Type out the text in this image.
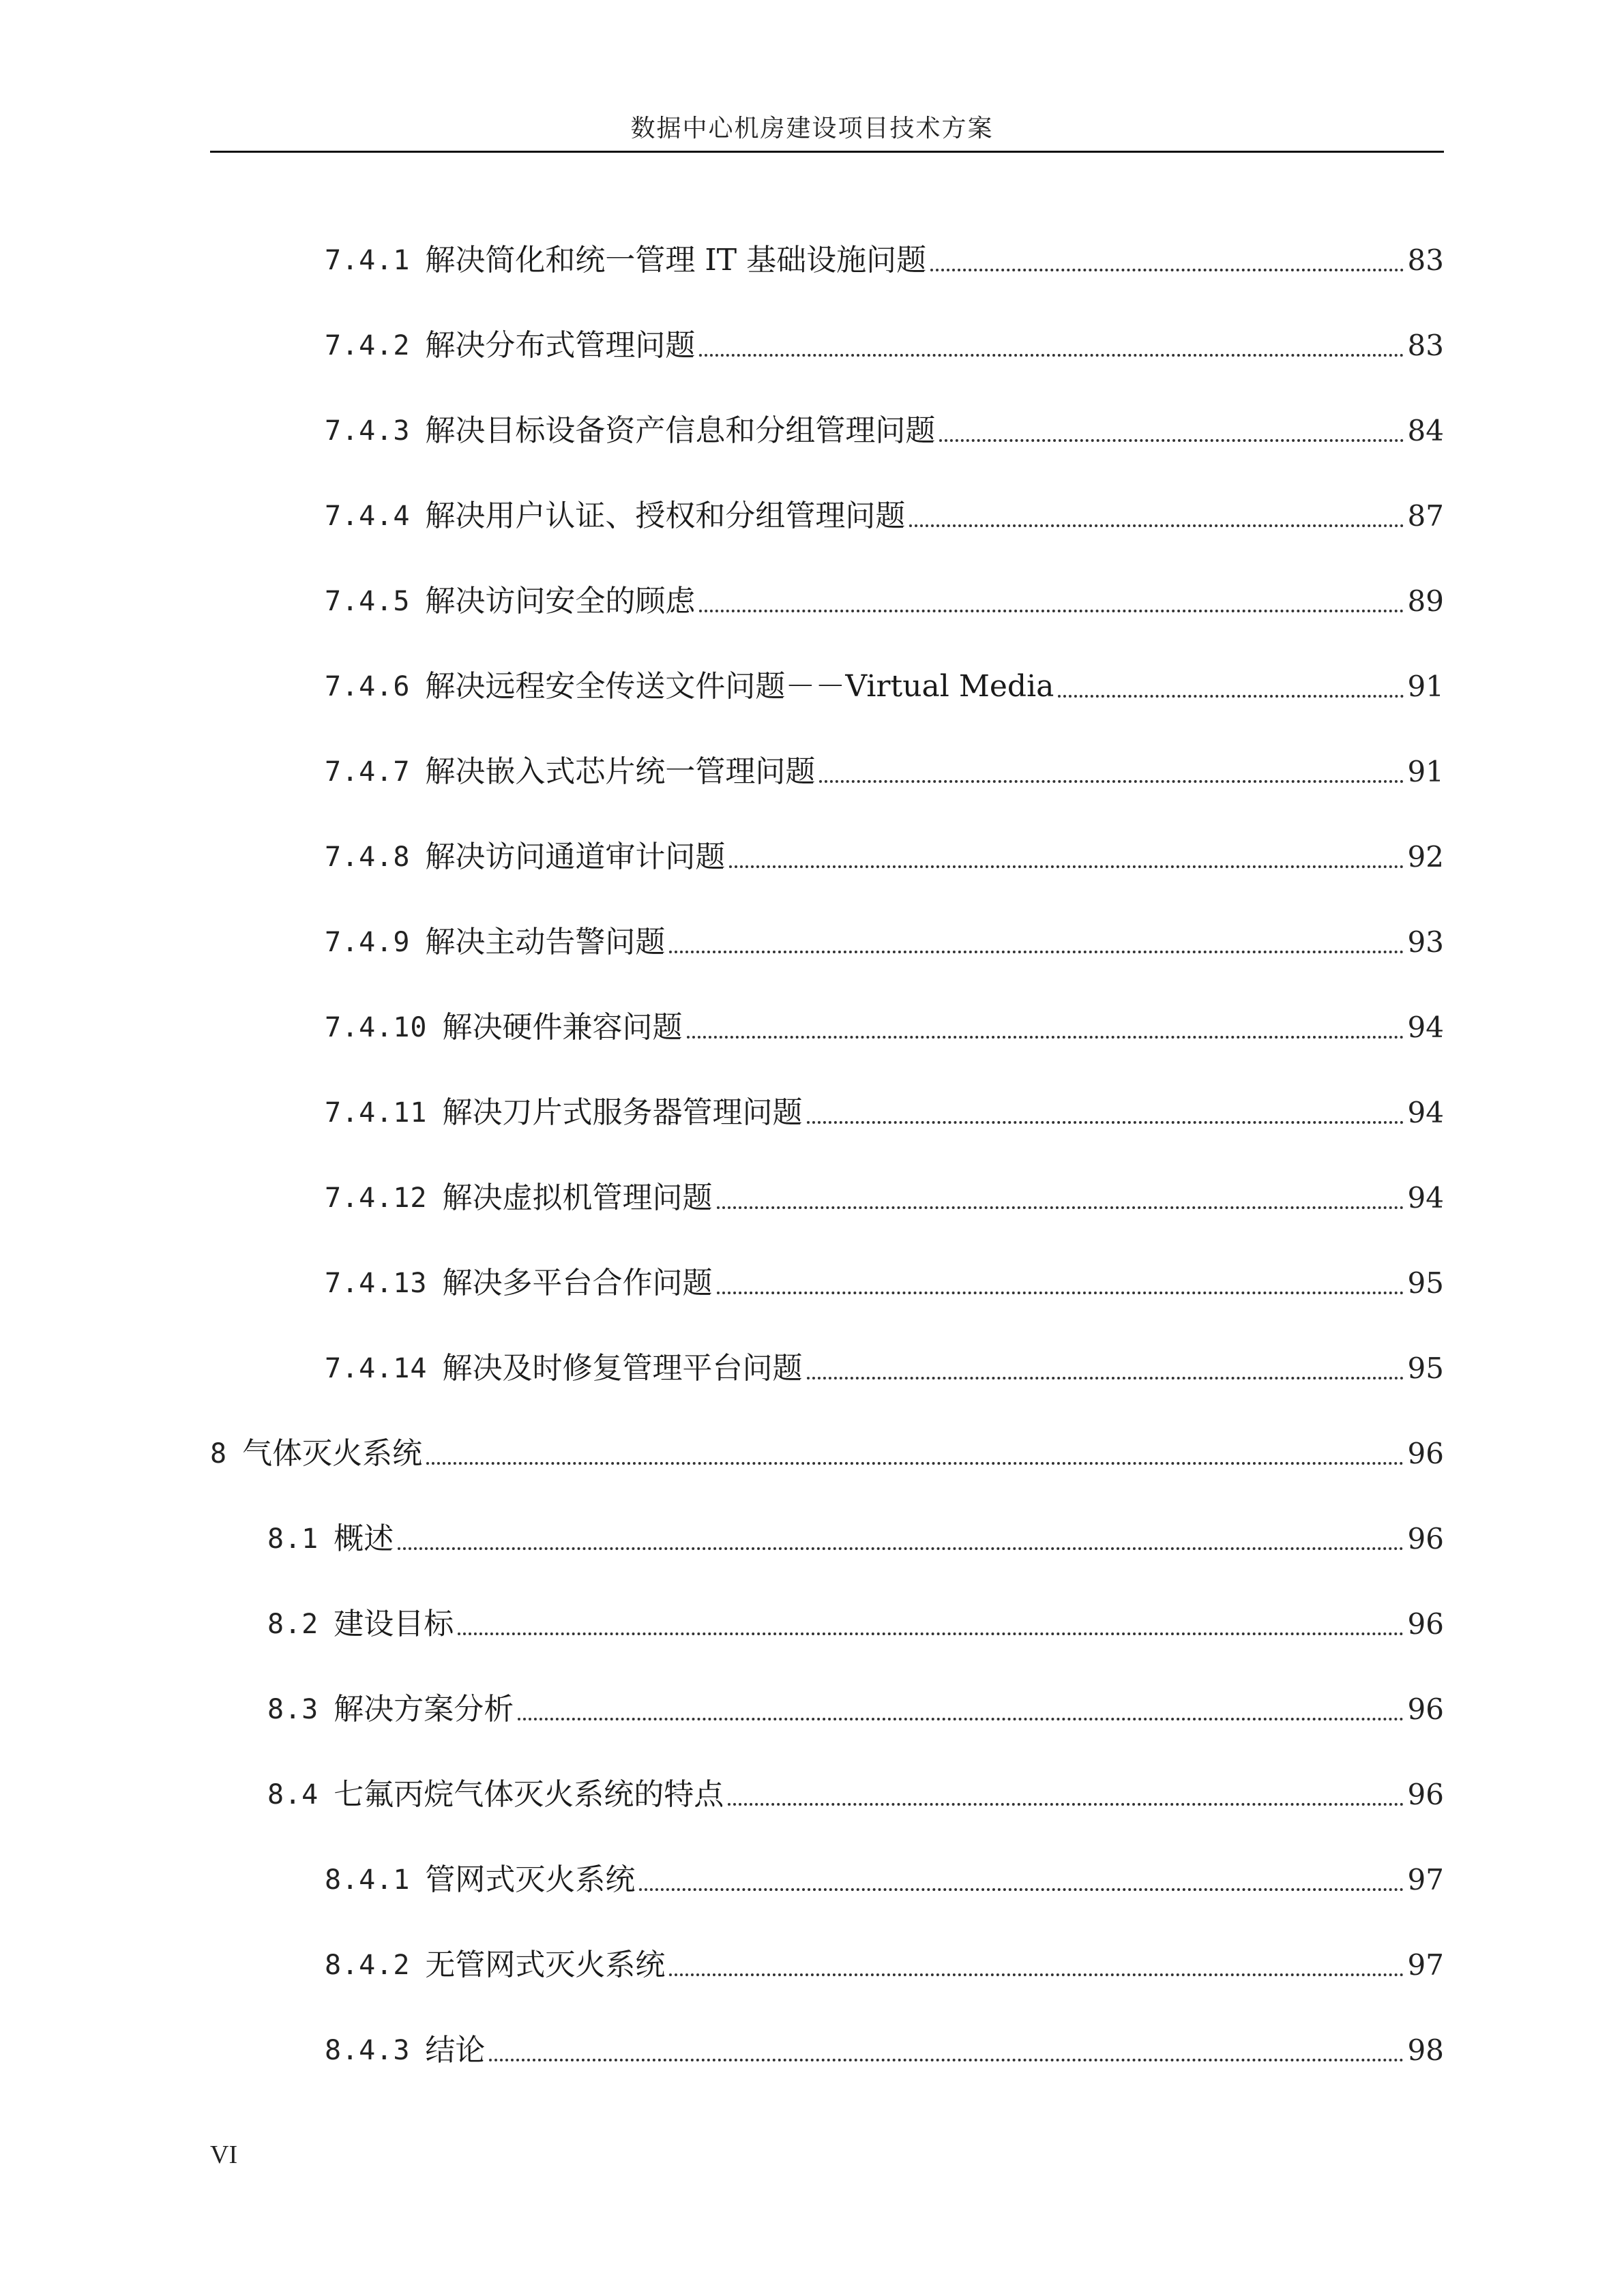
数据中心机房建设项目技术方案
7.4.1 解决简化和统一管理 IT 基础设施问题	83
7.4.2 解决分布式管理问题	83
7.4.3 解决目标设备资产信息和分组管理问题	84
7.4.4 解决用户认证、授权和分组管理问题	87
7.4.5 解决访问安全的顾虑	89
7.4.6 解决远程安全传送文件问题－－Virtual Media	91
7.4.7 解决嵌入式芯片统一管理问题	91
7.4.8 解决访问通道审计问题	92
7.4.9 解决主动告警问题	93
7.4.10 解决硬件兼容问题	94
7.4.11 解决刀片式服务器管理问题	94
7.4.12 解决虚拟机管理问题	94
7.4.13 解决多平台合作问题	95
7.4.14 解决及时修复管理平台问题	95
8 气体灭火系统	96
8.1 概述	96
8.2 建设目标	96
8.3 解决方案分析	96
8.4 七氟丙烷气体灭火系统的特点	96
8.4.1 管网式灭火系统	97
8.4.2 无管网式灭火系统	97
8.4.3 结论	98
VI
